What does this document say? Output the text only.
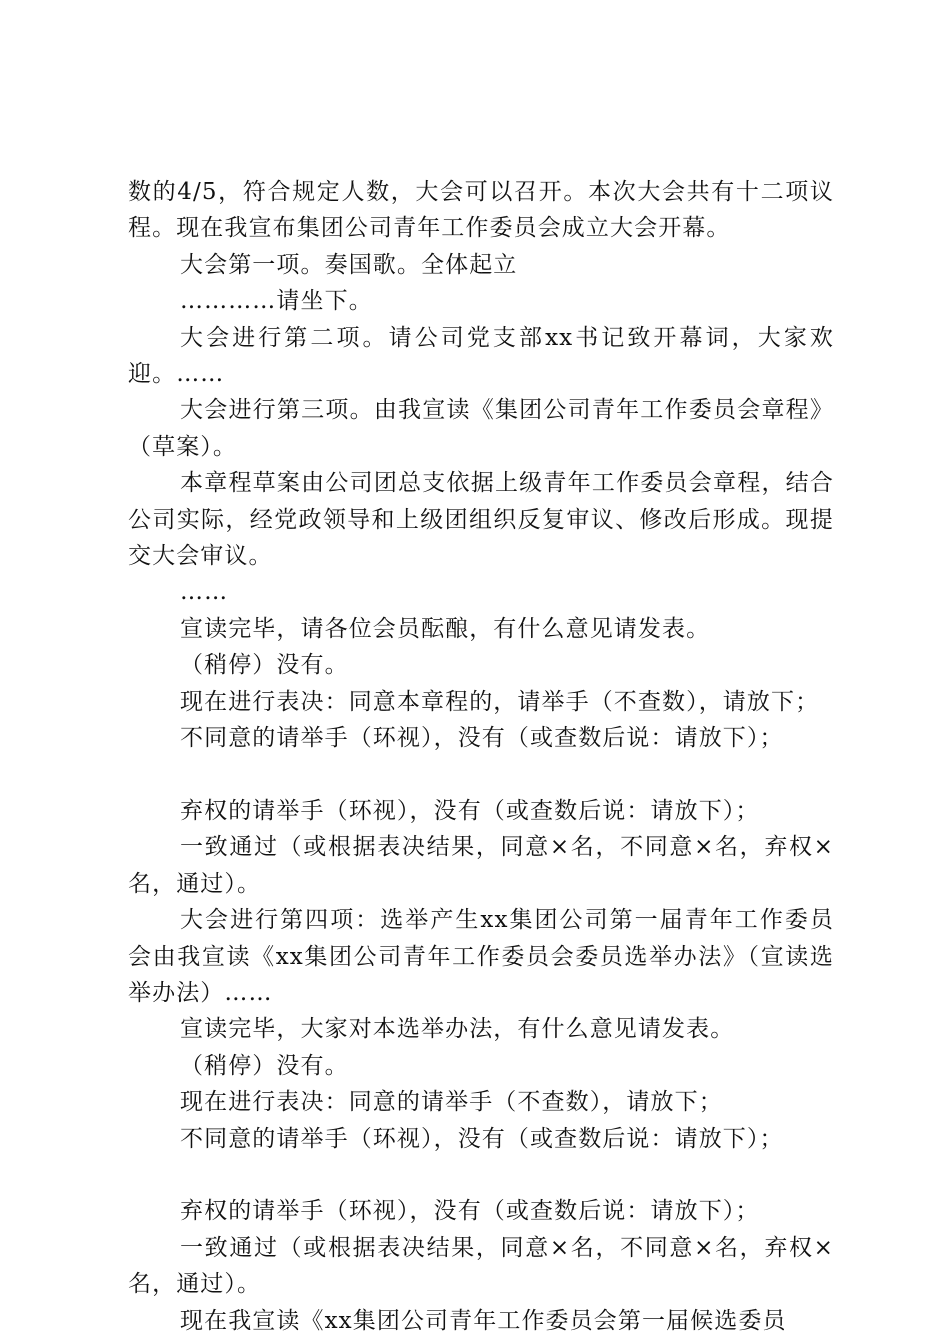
数的4/5，符合规定人数，大会可以召开。本次大会共有十二项议程。现在我宣布集团公司青年工作委员会成立大会开幕。

大会第一项。奏国歌。全体起立

…………请坐下。

大会进行第二项。请公司党支部xx书记致开幕词，大家欢迎。……

大会进行第三项。由我宣读《集团公司青年工作委员会章程》（草案）。

本章程草案由公司团总支依据上级青年工作委员会章程，结合公司实际，经党政领导和上级团组织反复审议、修改后形成。现提交大会审议。

……

宣读完毕，请各位会员酝酿，有什么意见请发表。

（稍停）没有。

现在进行表决：同意本章程的，请举手（不查数），请放下；

不同意的请举手（环视），没有（或查数后说：请放下）；

弃权的请举手（环视），没有（或查数后说：请放下）；

一致通过（或根据表决结果，同意×名，不同意×名，弃权×名，通过）。

大会进行第四项：选举产生xx集团公司第一届青年工作委员会由我宣读《xx集团公司青年工作委员会委员选举办法》（宣读选举办法）……

宣读完毕，大家对本选举办法，有什么意见请发表。

（稍停）没有。

现在进行表决：同意的请举手（不查数），请放下；

不同意的请举手（环视），没有（或查数后说：请放下）；

弃权的请举手（环视），没有（或查数后说：请放下）；

一致通过（或根据表决结果，同意×名，不同意×名，弃权×名，通过）。

现在我宣读《xx集团公司青年工作委员会第一届候选委员
